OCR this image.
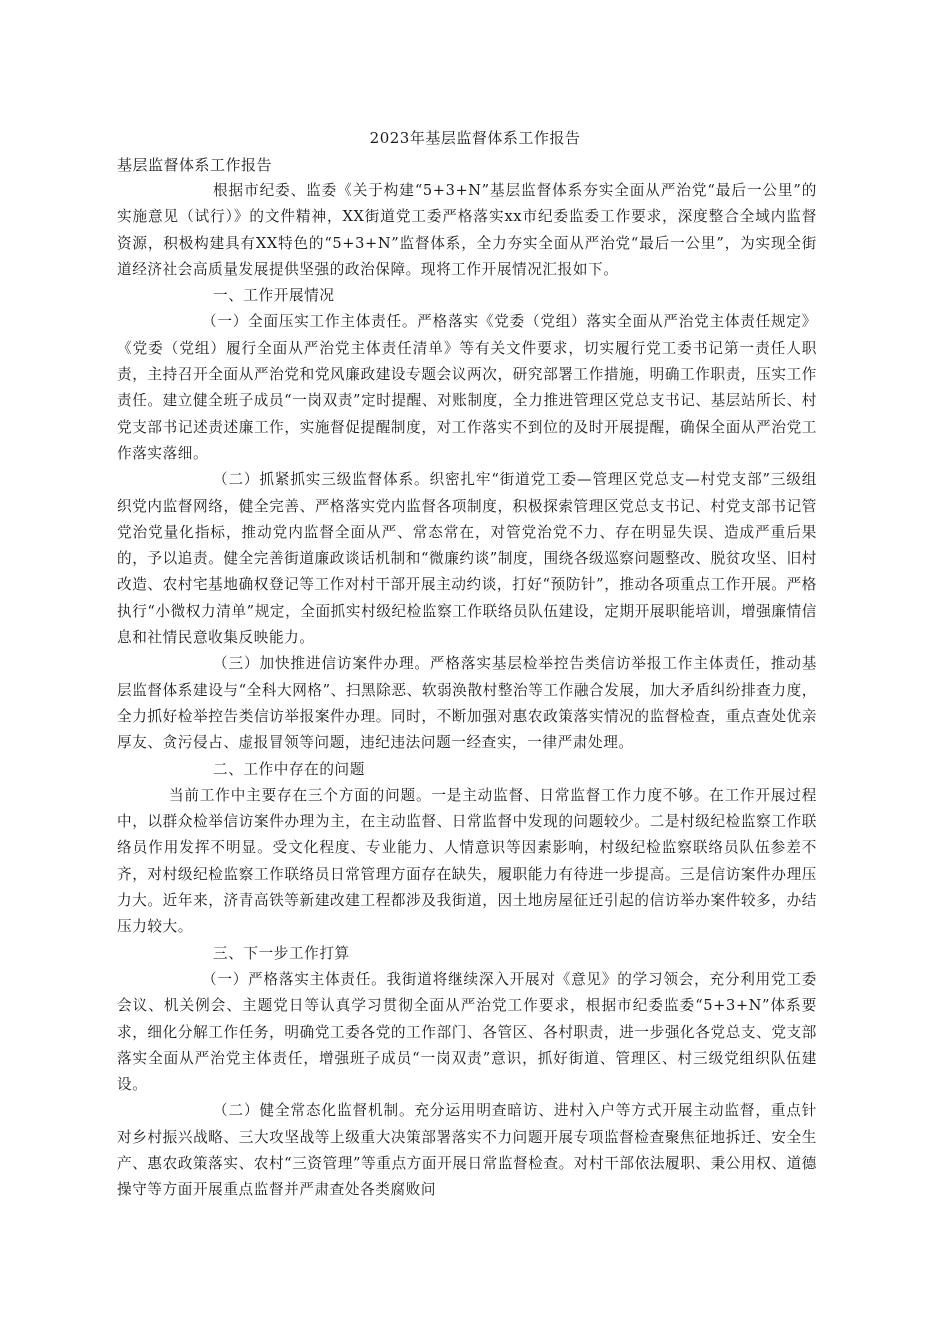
2023年基层监督体系工作报告
基层监督体系工作报告

根据市纪委、监委《关于构建“5+3+N”基层监督体系夯实全面从严治党“最后一公里”的实施意见（试行）》的文件精神，XX街道党工委严格落实xx市纪委监委工作要求，深度整合全域内监督资源，积极构建具有XX特色的“5+3+N”监督体系，全力夯实全面从严治党“最后一公里”，为实现全街道经济社会高质量发展提供坚强的政治保障。现将工作开展情况汇报如下。

一、工作开展情况

（一）全面压实工作主体责任。严格落实《党委（党组）落实全面从严治党主体责任规定》《党委（党组）履行全面从严治党主体责任清单》等有关文件要求，切实履行党工委书记第一责任人职责，主持召开全面从严治党和党风廉政建设专题会议两次，研究部署工作措施，明确工作职责，压实工作责任。建立健全班子成员“一岗双责”定时提醒、对账制度，全力推进管理区党总支书记、基层站所长、村党支部书记述责述廉工作，实施督促提醒制度，对工作落实不到位的及时开展提醒，确保全面从严治党工作落实落细。

（二）抓紧抓实三级监督体系。织密扎牢“街道党工委—管理区党总支—村党支部”三级组织党内监督网络，健全完善、严格落实党内监督各项制度，积极探索管理区党总支书记、村党支部书记管党治党量化指标，推动党内监督全面从严、常态常在，对管党治党不力、存在明显失误、造成严重后果的，予以追责。健全完善街道廉政谈话机制和“微廉约谈”制度，围绕各级巡察问题整改、脱贫攻坚、旧村改造、农村宅基地确权登记等工作对村干部开展主动约谈，打好“预防针”，推动各项重点工作开展。严格执行“小微权力清单”规定，全面抓实村级纪检监察工作联络员队伍建设，定期开展职能培训，增强廉情信息和社情民意收集反映能力。

（三）加快推进信访案件办理。严格落实基层检举控告类信访举报工作主体责任，推动基层监督体系建设与“全科大网格”、扫黑除恶、软弱涣散村整治等工作融合发展，加大矛盾纠纷排查力度，全力抓好检举控告类信访举报案件办理。同时，不断加强对惠农政策落实情况的监督检查，重点查处优亲厚友、贪污侵占、虚报冒领等问题，违纪违法问题一经查实，一律严肃处理。

二、工作中存在的问题

当前工作中主要存在三个方面的问题。一是主动监督、日常监督工作力度不够。在工作开展过程中，以群众检举信访案件办理为主，在主动监督、日常监督中发现的问题较少。二是村级纪检监察工作联络员作用发挥不明显。受文化程度、专业能力、人情意识等因素影响，村级纪检监察联络员队伍参差不齐，对村级纪检监察工作联络员日常管理方面存在缺失，履职能力有待进一步提高。三是信访案件办理压力大。近年来，济青高铁等新建改建工程都涉及我街道，因土地房屋征迁引起的信访举办案件较多，办结压力较大。

三、下一步工作打算

（一）严格落实主体责任。我街道将继续深入开展对《意见》的学习领会，充分利用党工委会议、机关例会、主题党日等认真学习贯彻全面从严治党工作要求，根据市纪委监委“5+3+N”体系要求，细化分解工作任务，明确党工委各党的工作部门、各管区、各村职责，进一步强化各党总支、党支部落实全面从严治党主体责任，增强班子成员“一岗双责”意识，抓好街道、管理区、村三级党组织队伍建设。

（二）健全常态化监督机制。充分运用明查暗访、进村入户等方式开展主动监督，重点针对乡村振兴战略、三大攻坚战等上级重大决策部署落实不力问题开展专项监督检查聚焦征地拆迁、安全生产、惠农政策落实、农村“三资管理”等重点方面开展日常监督检查。对村干部依法履职、秉公用权、道德操守等方面开展重点监督并严肃查处各类腐败问
